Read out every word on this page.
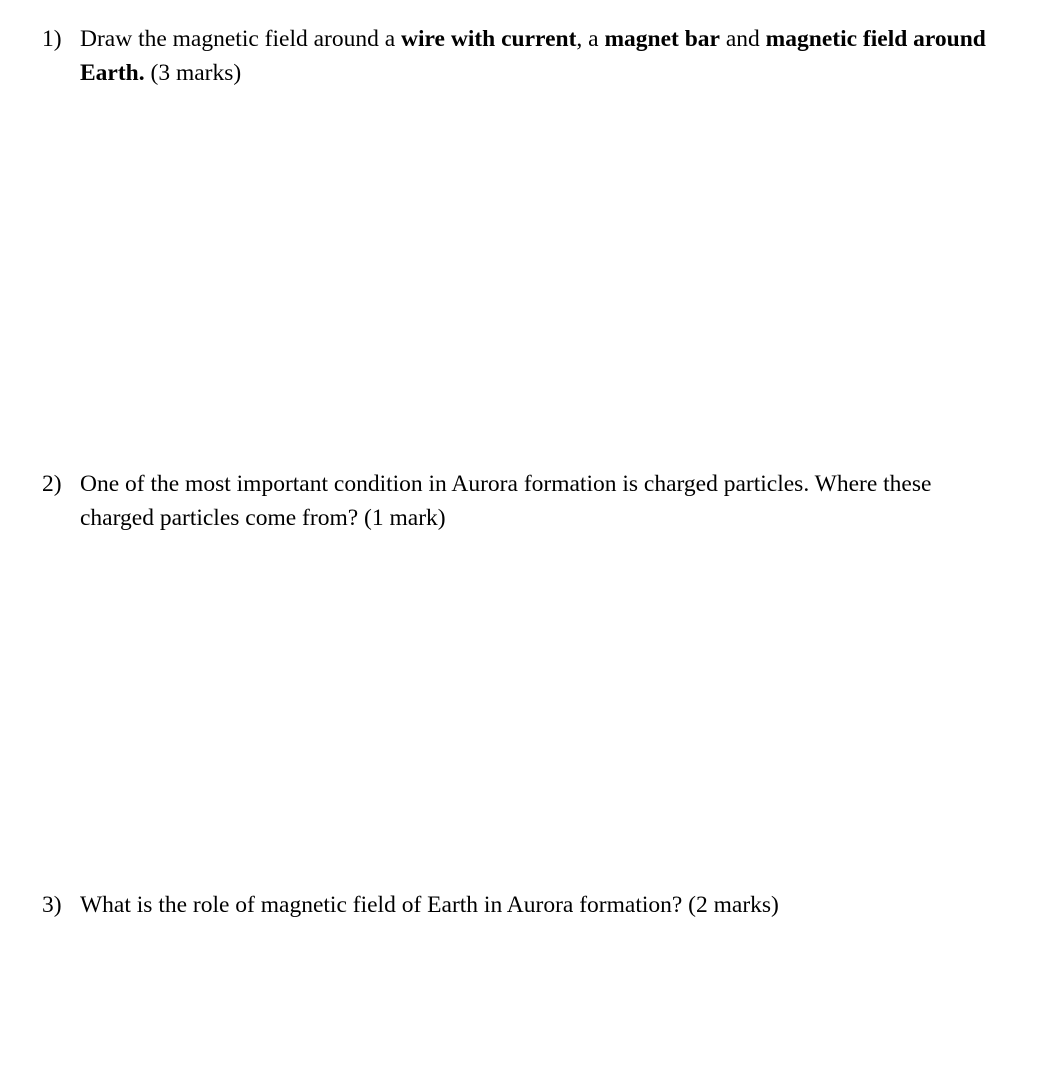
1) Draw the magnetic field around a wire with current, a magnet bar and magnetic field around Earth. (3 marks)
2) One of the most important condition in Aurora formation is charged particles. Where these charged particles come from? (1 mark)
3) What is the role of magnetic field of Earth in Aurora formation? (2 marks)
